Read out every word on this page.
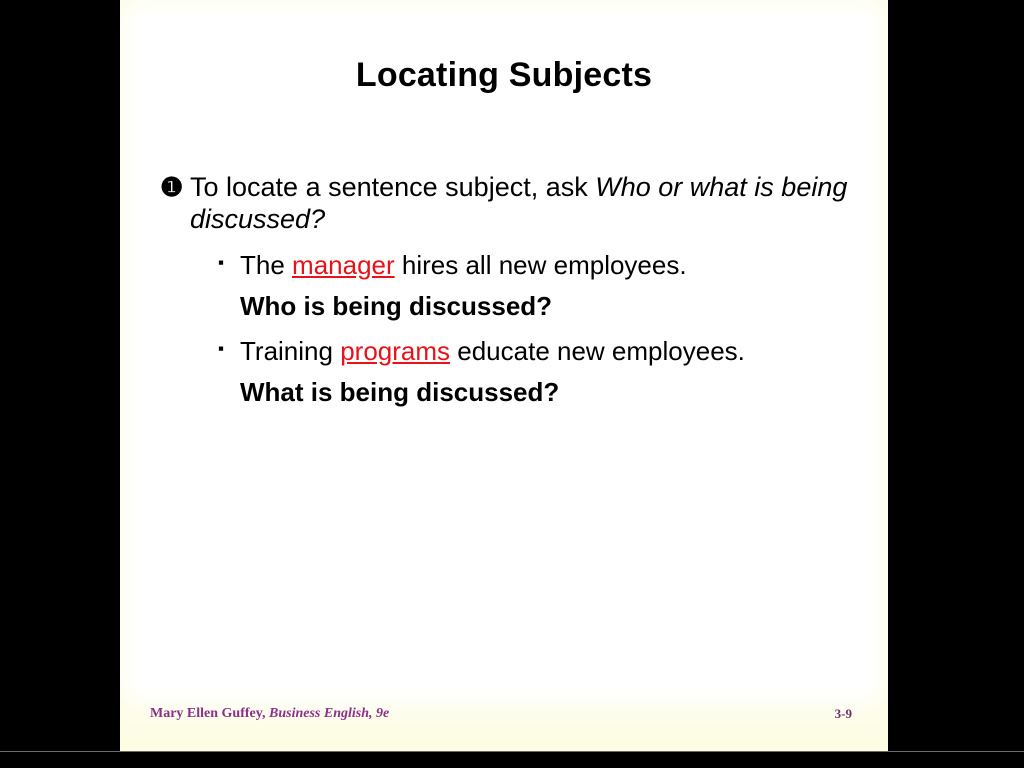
Locating Subjects
❶ To locate a sentence subject, ask Who or what is being discussed?
▪ The manager hires all new employees.
Who is being discussed?
▪ Training programs educate new employees.
What is being discussed?
Mary Ellen Guffey, Business English, 9e	3-9
